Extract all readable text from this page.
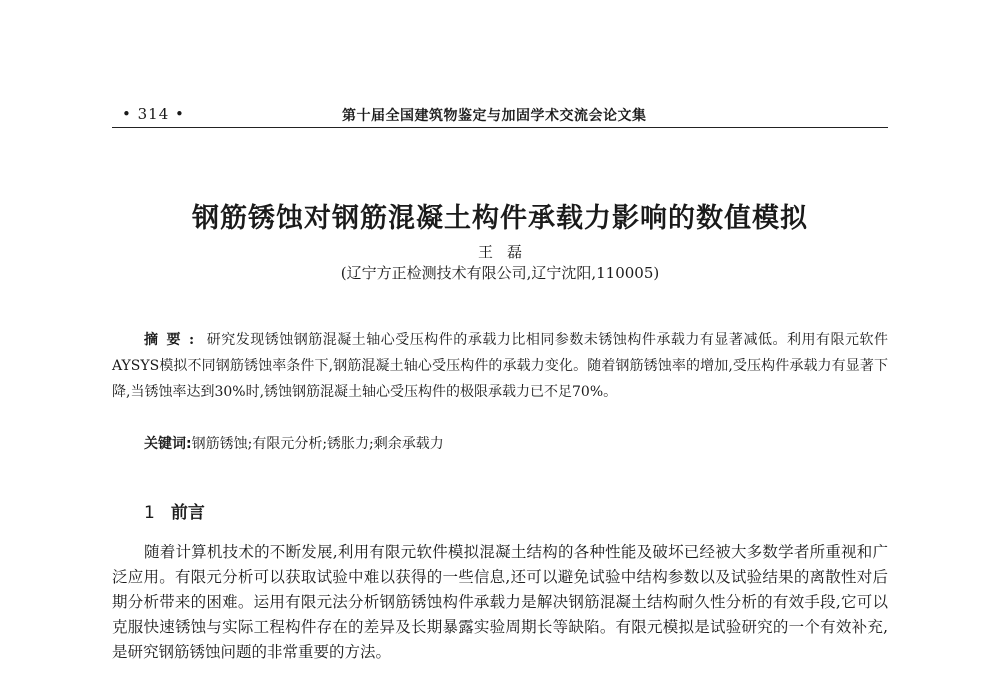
• 314 •	第十届全国建筑物鉴定与加固学术交流会论文集
钢筋锈蚀对钢筋混凝土构件承载力影响的数值模拟
王磊
(辽宁方正检测技术有限公司,辽宁沈阳,110005)
摘要: 研究发现锈蚀钢筋混凝土轴心受压构件的承载力比相同参数未锈蚀构件承载力有显著减低。利用有限元软件AYSYS模拟不同钢筋锈蚀率条件下,钢筋混凝土轴心受压构件的承载力变化。随着钢筋锈蚀率的增加,受压构件承载力有显著下降,当锈蚀率达到30%时,锈蚀钢筋混凝土轴心受压构件的极限承载力已不足70%。
关键词:钢筋锈蚀;有限元分析;锈胀力;剩余承载力
1 前言
随着计算机技术的不断发展,利用有限元软件模拟混凝土结构的各种性能及破坏已经被大多数学者所重视和广泛应用。有限元分析可以获取试验中难以获得的一些信息,还可以避免试验中结构参数以及试验结果的离散性对后期分析带来的困难。运用有限元法分析钢筋锈蚀构件承载力是解决钢筋混凝土结构耐久性分析的有效手段,它可以克服快速锈蚀与实际工程构件存在的差异及长期暴露实验周期长等缺陷。有限元模拟是试验研究的一个有效补充,是研究钢筋锈蚀问题的非常重要的方法。
